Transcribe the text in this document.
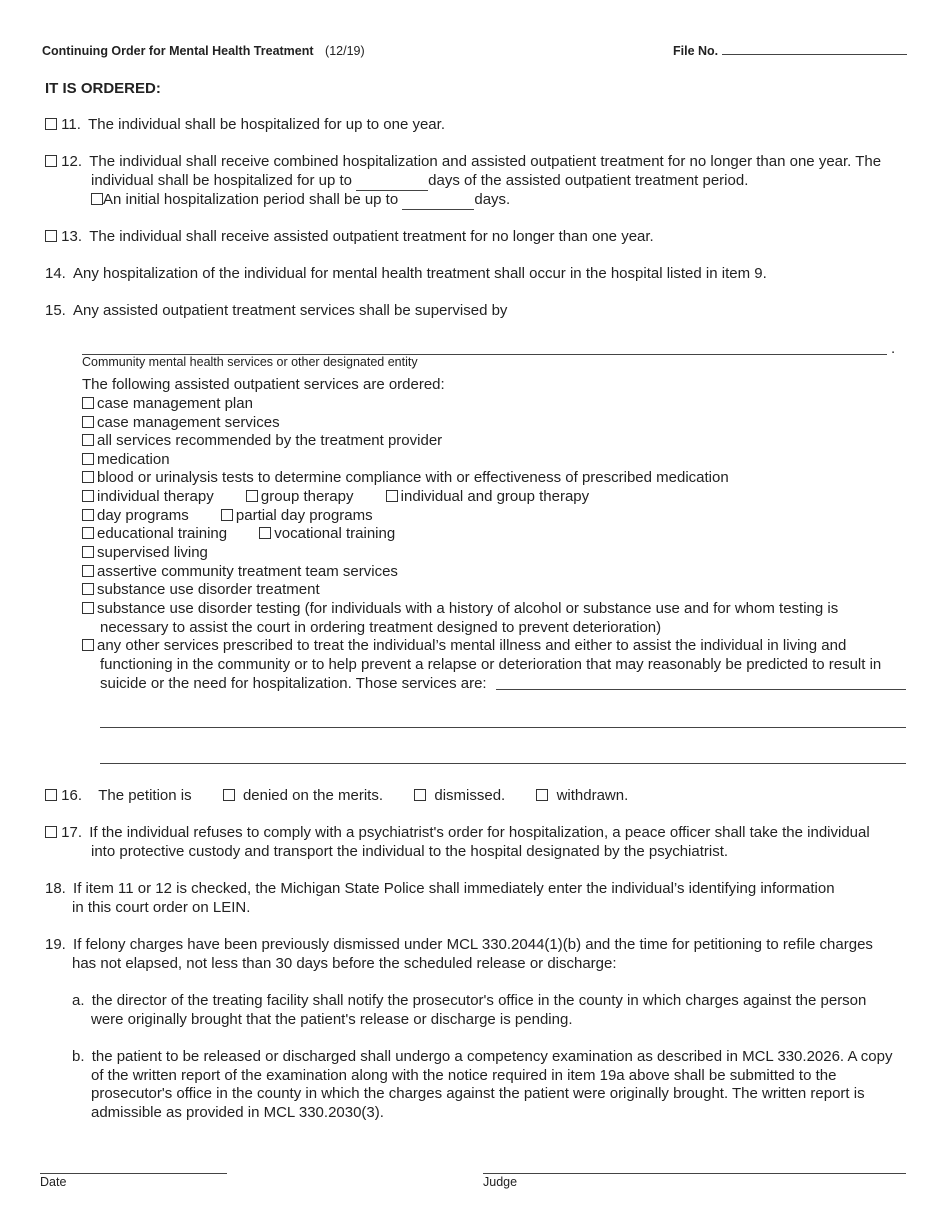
Continuing Order for Mental Health Treatment (12/19)	File No.
IT IS ORDERED:
11. The individual shall be hospitalized for up to one year.
12. The individual shall receive combined hospitalization and assisted outpatient treatment for no longer than one year. The
individual shall be hospitalized for up to	days of the assisted outpatient treatment period.
An initial hospitalization period shall be up to	days.
13. The individual shall receive assisted outpatient treatment for no longer than one year.
14. Any hospitalization of the individual for mental health treatment shall occur in the hospital listed in item 9.
15. Any assisted outpatient treatment services shall be supervised by
.
Community mental health services or other designated entity
The following assisted outpatient services are ordered:
case management plan
case management services
all services recommended by the treatment provider
medication
blood or urinalysis tests to determine compliance with or effectiveness of prescribed medication
individual therapy	group therapy	individual and group therapy
day programs	partial day programs
educational training	vocational training
supervised living
assertive community treatment team services
substance use disorder treatment
substance use disorder testing (for individuals with a history of alcohol or substance use and for whom testing is
necessary to assist the court in ordering treatment designed to prevent deterioration)
any other services prescribed to treat the individual’s mental illness and either to assist the individual in living and
functioning in the community or to help prevent a relapse or deterioration that may reasonably be predicted to result in
suicide or the need for hospitalization. Those services are:
16. The petition is	denied on the merits.	dismissed.	withdrawn.
17. If the individual refuses to comply with a psychiatrist's order for hospitalization, a peace officer shall take the individual
into protective custody and transport the individual to the hospital designated by the psychiatrist.
18. If item 11 or 12 is checked, the Michigan State Police shall immediately enter the individual’s identifying information
in this court order on LEIN.
19. If felony charges have been previously dismissed under MCL 330.2044(1)(b) and the time for petitioning to refile charges
has not elapsed, not less than 30 days before the scheduled release or discharge:
a. the director of the treating facility shall notify the prosecutor's office in the county in which charges against the person
were originally brought that the patient's release or discharge is pending.
b. the patient to be released or discharged shall undergo a competency examination as described in MCL 330.2026. A copy
of the written report of the examination along with the notice required in item 19a above shall be submitted to the
prosecutor's office in the county in which the charges against the patient were originally brought. The written report is
admissible as provided in MCL 330.2030(3).
Date	Judge
